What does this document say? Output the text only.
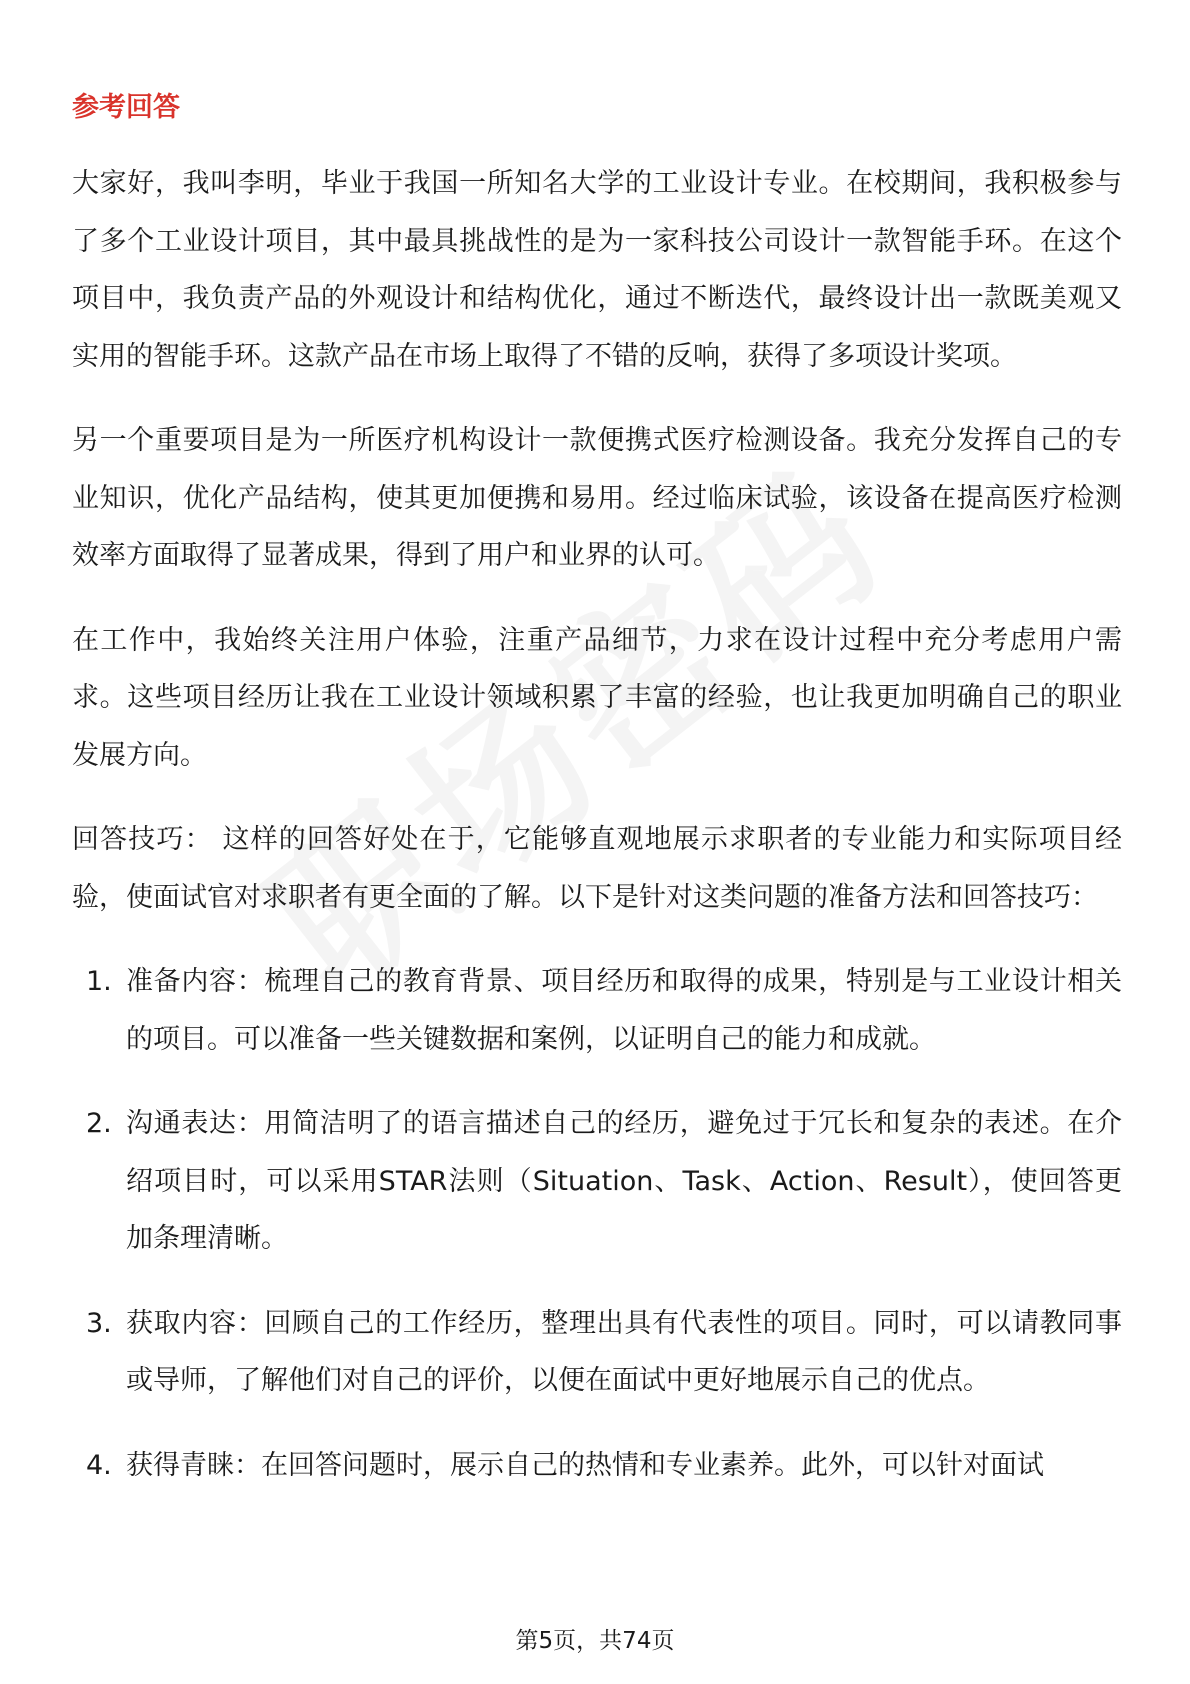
参考回答

大家好，我叫李明，毕业于我国一所知名大学的工业设计专业。在校期间，我积极参与了多个工业设计项目，其中最具挑战性的是为一家科技公司设计一款智能手环。在这个项目中，我负责产品的外观设计和结构优化，通过不断迭代，最终设计出一款既美观又实用的智能手环。这款产品在市场上取得了不错的反响，获得了多项设计奖项。

另一个重要项目是为一所医疗机构设计一款便携式医疗检测设备。我充分发挥自己的专业知识，优化产品结构，使其更加便携和易用。经过临床试验，该设备在提高医疗检测效率方面取得了显著成果，得到了用户和业界的认可。

在工作中，我始终关注用户体验，注重产品细节，力求在设计过程中充分考虑用户需求。这些项目经历让我在工业设计领域积累了丰富的经验，也让我更加明确自己的职业发展方向。

回答技巧： 这样的回答好处在于，它能够直观地展示求职者的专业能力和实际项目经验，使面试官对求职者有更全面的了解。以下是针对这类问题的准备方法和回答技巧：

1. 准备内容：梳理自己的教育背景、项目经历和取得的成果，特别是与工业设计相关的项目。可以准备一些关键数据和案例，以证明自己的能力和成就。
2. 沟通表达：用简洁明了的语言描述自己的经历，避免过于冗长和复杂的表述。在介绍项目时，可以采用STAR法则（Situation、Task、Action、Result），使回答更加条理清晰。
3. 获取内容：回顾自己的工作经历，整理出具有代表性的项目。同时，可以请教同事或导师，了解他们对自己的评价，以便在面试中更好地展示自己的优点。
4. 获得青睐：在回答问题时，展示自己的热情和专业素养。此外，可以针对面试
第5页，共74页
